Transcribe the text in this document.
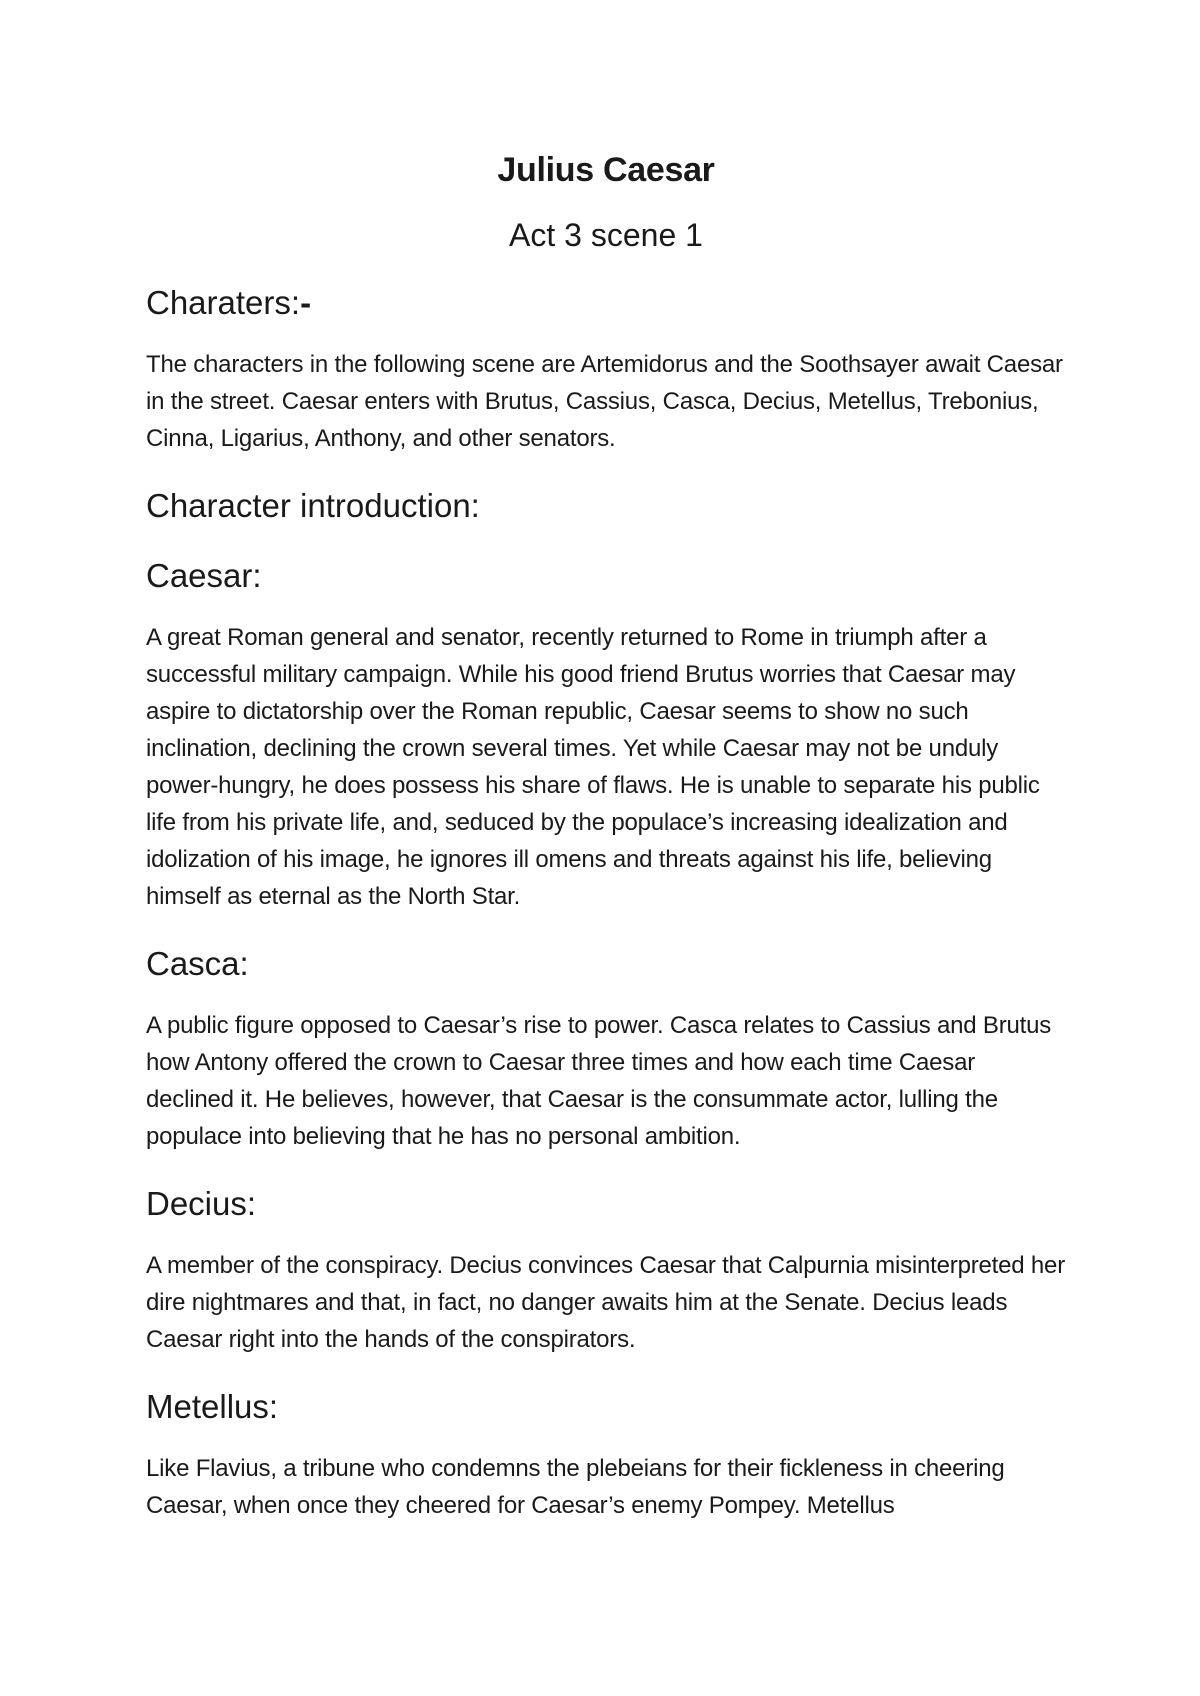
Julius Caesar
Act 3 scene 1
Charaters:-

The characters in the following scene are Artemidorus and the Soothsayer await Caesar in the street. Caesar enters with Brutus, Cassius, Casca, Decius, Metellus, Trebonius, Cinna, Ligarius, Anthony, and other senators.

Character introduction:
Caesar:

A great Roman general and senator, recently returned to Rome in triumph after a successful military campaign. While his good friend Brutus worries that Caesar may aspire to dictatorship over the Roman republic, Caesar seems to show no such inclination, declining the crown several times. Yet while Caesar may not be unduly power-hungry, he does possess his share of flaws. He is unable to separate his public life from his private life, and, seduced by the populace’s increasing idealization and idolization of his image, he ignores ill omens and threats against his life, believing himself as eternal as the North Star.

Casca:

A public figure opposed to Caesar’s rise to power. Casca relates to Cassius and Brutus how Antony offered the crown to Caesar three times and how each time Caesar declined it. He believes, however, that Caesar is the consummate actor, lulling the populace into believing that he has no personal ambition.

Decius:

A member of the conspiracy. Decius convinces Caesar that Calpurnia misinterpreted her dire nightmares and that, in fact, no danger awaits him at the Senate. Decius leads Caesar right into the hands of the conspirators.

Metellus:

Like Flavius, a tribune who condemns the plebeians for their fickleness in cheering Caesar, when once they cheered for Caesar’s enemy Pompey. Metellus
